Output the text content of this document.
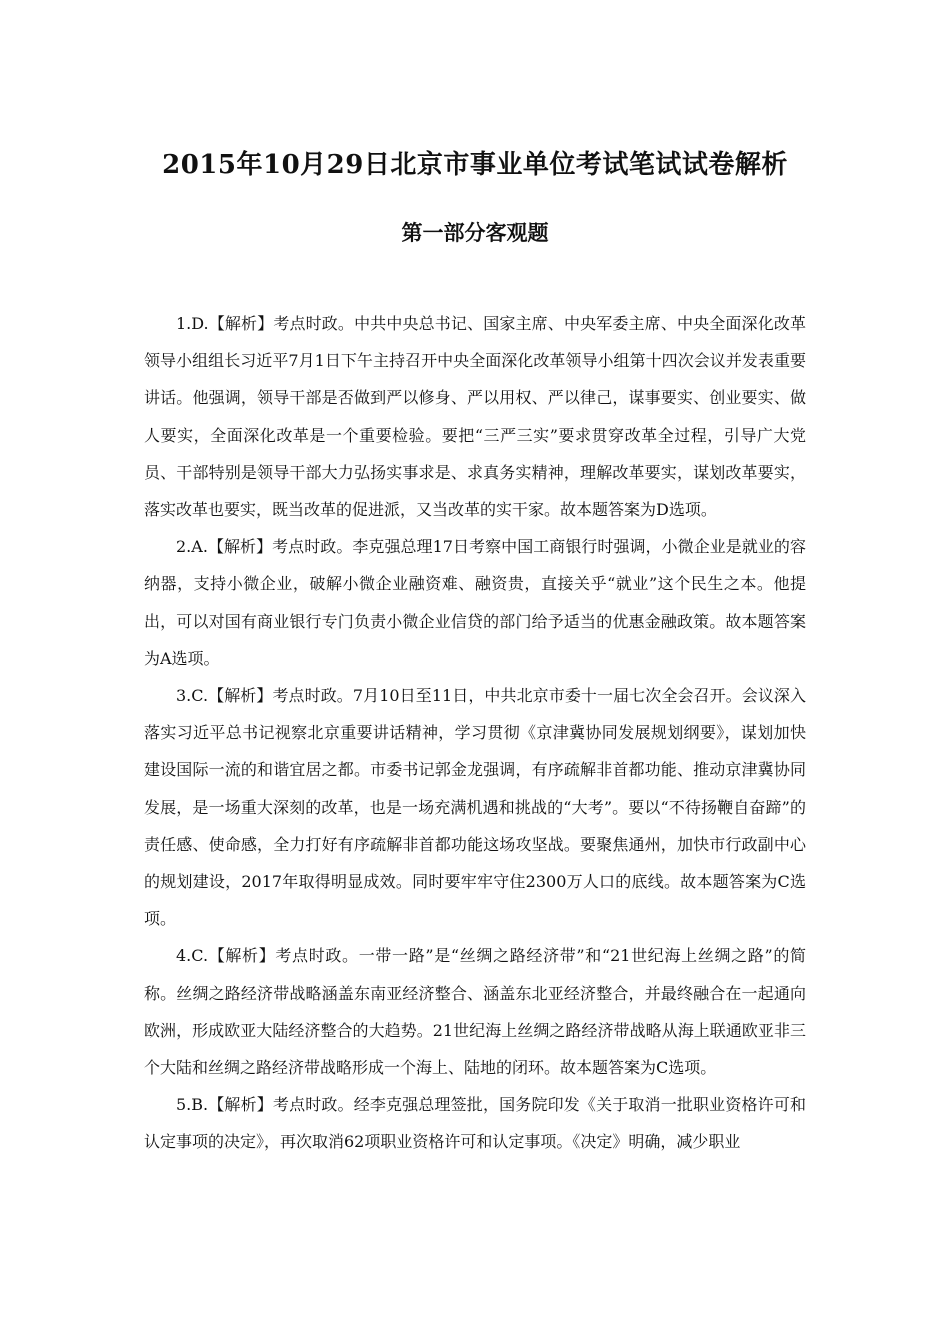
2015年10月29日北京市事业单位考试笔试试卷解析
第一部分客观题

1.D.【解析】考点时政。中共中央总书记、国家主席、中央军委主席、中央全面深化改革领导小组组长习近平7月1日下午主持召开中央全面深化改革领导小组第十四次会议并发表重要讲话。他强调，领导干部是否做到严以修身、严以用权、严以律己，谋事要实、创业要实、做人要实，全面深化改革是一个重要检验。要把“三严三实”要求贯穿改革全过程，引导广大党员、干部特别是领导干部大力弘扬实事求是、求真务实精神，理解改革要实，谋划改革要实，落实改革也要实，既当改革的促进派，又当改革的实干家。故本题答案为D选项。

2.A.【解析】考点时政。李克强总理17日考察中国工商银行时强调，小微企业是就业的容纳器，支持小微企业，破解小微企业融资难、融资贵，直接关乎“就业”这个民生之本。他提出，可以对国有商业银行专门负责小微企业信贷的部门给予适当的优惠金融政策。故本题答案为A选项。

3.C.【解析】考点时政。7月10日至11日，中共北京市委十一届七次全会召开。会议深入落实习近平总书记视察北京重要讲话精神，学习贯彻《京津冀协同发展规划纲要》，谋划加快建设国际一流的和谐宜居之都。市委书记郭金龙强调，有序疏解非首都功能、推动京津冀协同发展，是一场重大深刻的改革，也是一场充满机遇和挑战的“大考”。要以“不待扬鞭自奋蹄”的责任感、使命感，全力打好有序疏解非首都功能这场攻坚战。要聚焦通州，加快市行政副中心的规划建设，2017年取得明显成效。同时要牢牢守住2300万人口的底线。故本题答案为C选项。

4.C.【解析】考点时政。一带一路”是“丝绸之路经济带”和“21世纪海上丝绸之路”的简称。丝绸之路经济带战略涵盖东南亚经济整合、涵盖东北亚经济整合，并最终融合在一起通向欧洲，形成欧亚大陆经济整合的大趋势。21世纪海上丝绸之路经济带战略从海上联通欧亚非三个大陆和丝绸之路经济带战略形成一个海上、陆地的闭环。故本题答案为C选项。

5.B.【解析】考点时政。经李克强总理签批，国务院印发《关于取消一批职业资格许可和认定事项的决定》，再次取消62项职业资格许可和认定事项。《决定》明确，减少职业
